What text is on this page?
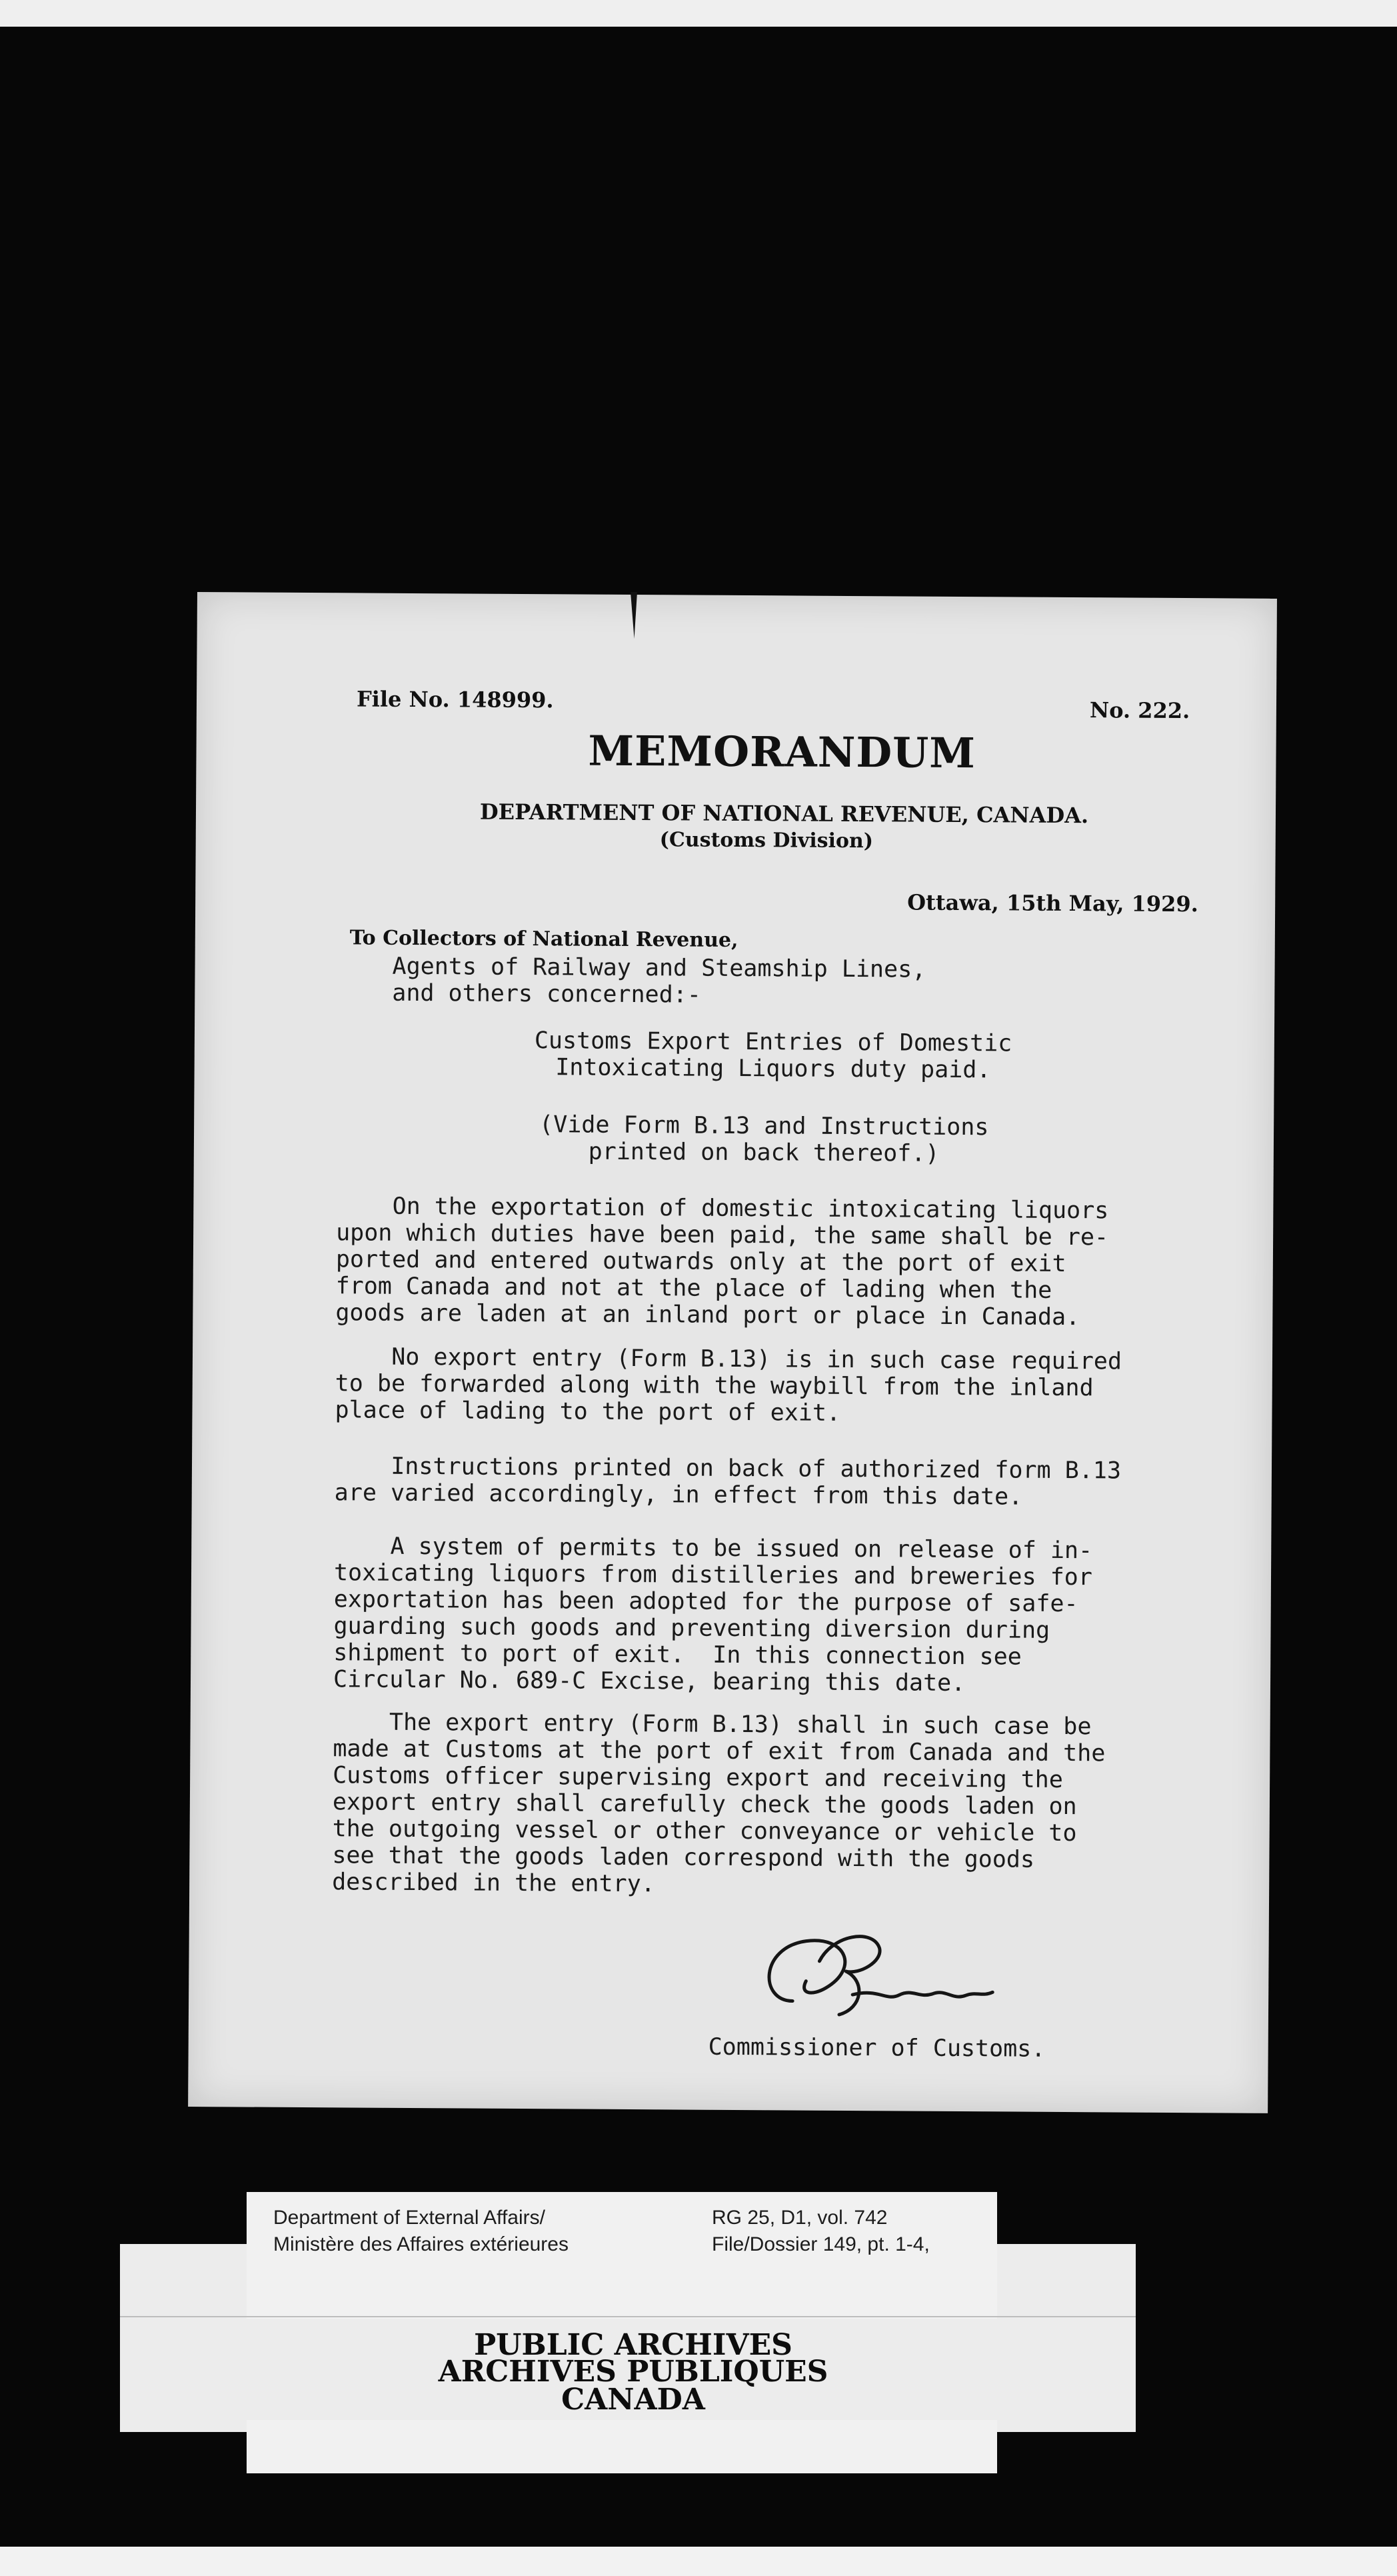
File No. 148999.	No. 222.

MEMORANDUM

DEPARTMENT OF NATIONAL REVENUE, CANADA.

(Customs Division)

Ottawa, 15th May, 1929.

To Collectors of National Revenue,

Agents of Railway and Steamship Lines,
and others concerned:-

Customs Export Entries of Domestic
Intoxicating Liquors duty paid.

(Vide Form B.13 and Instructions
printed on back thereof.)

On the exportation of domestic intoxicating liquors
upon which duties have been paid, the same shall be re-
ported and entered outwards only at the port of exit
from Canada and not at the place of lading when the
goods are laden at an inland port or place in Canada.

No export entry (Form B.13) is in such case required
to be forwarded along with the waybill from the inland
place of lading to the port of exit.

Instructions printed on back of authorized form B.13
are varied accordingly, in effect from this date.

A system of permits to be issued on release of in-
toxicating liquors from distilleries and breweries for
exportation has been adopted for the purpose of safe-
guarding such goods and preventing diversion during
shipment to port of exit.  In this connection see
Circular No. 689-C Excise, bearing this date.

The export entry (Form B.13) shall in such case be
made at Customs at the port of exit from Canada and the
Customs officer supervising export and receiving the
export entry shall carefully check the goods laden on
the outgoing vessel or other conveyance or vehicle to
see that the goods laden correspond with the goods
described in the entry.

Commissioner of Customs.

Department of External Affairs/

Ministère des Affaires extérieures

RG 25, D1, vol. 742

File/Dossier 149, pt. 1-4,

PUBLIC ARCHIVES

ARCHIVES PUBLIQUES

CANADA
